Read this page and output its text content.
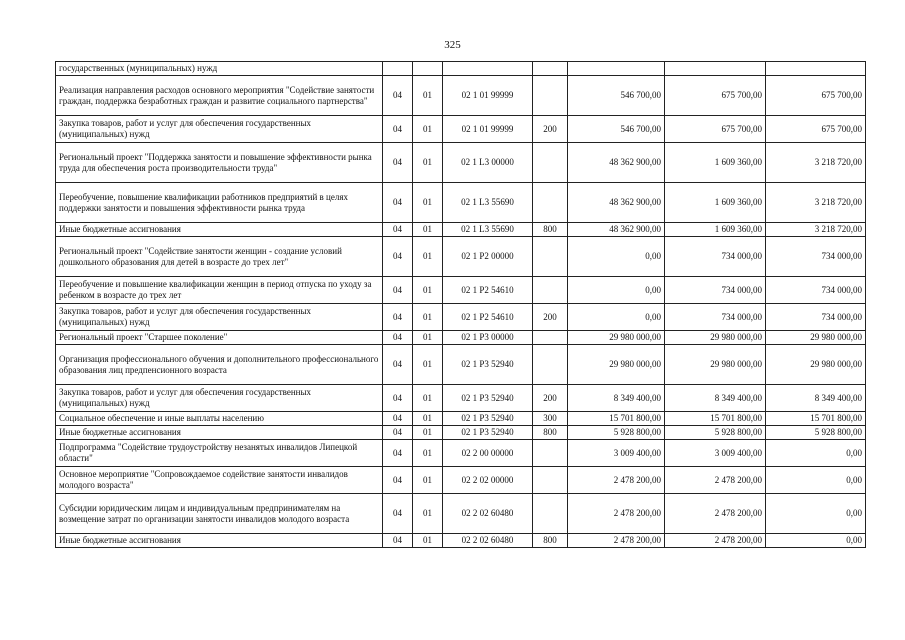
325
государственных (муниципальных) нужд							
Реализация направления расходов основного мероприятия "Содействие занятости граждан, поддержка безработных граждан и развитие социального партнерства"	04	01	02 1 01 99999		546 700,00	675 700,00	675 700,00
Закупка товаров, работ и услуг для обеспечения государственных (муниципальных) нужд	04	01	02 1 01 99999	200	546 700,00	675 700,00	675 700,00
Региональный проект "Поддержка занятости и повышение эффективности рынка труда для обеспечения роста производительности труда"	04	01	02 1 L3 00000		48 362 900,00	1 609 360,00	3 218 720,00
Переобучение, повышение квалификации работников предприятий в целях поддержки занятости и повышения эффективности рынка труда	04	01	02 1 L3 55690		48 362 900,00	1 609 360,00	3 218 720,00
Иные бюджетные ассигнования	04	01	02 1 L3 55690	800	48 362 900,00	1 609 360,00	3 218 720,00
Региональный проект "Содействие занятости женщин - создание условий дошкольного образования для детей в возрасте до трех лет"	04	01	02 1 P2 00000		0,00	734 000,00	734 000,00
Переобучение и повышение квалификации женщин в период отпуска по уходу за ребенком в возрасте до трех лет	04	01	02 1 P2 54610		0,00	734 000,00	734 000,00
Закупка товаров, работ и услуг для обеспечения государственных (муниципальных) нужд	04	01	02 1 P2 54610	200	0,00	734 000,00	734 000,00
Региональный проект "Старшее поколение"	04	01	02 1 P3 00000		29 980 000,00	29 980 000,00	29 980 000,00
Организация профессионального обучения и дополнительного профессионального образования лиц предпенсионного возраста	04	01	02 1 P3 52940		29 980 000,00	29 980 000,00	29 980 000,00
Закупка товаров, работ и услуг для обеспечения государственных (муниципальных) нужд	04	01	02 1 P3 52940	200	8 349 400,00	8 349 400,00	8 349 400,00
Социальное обеспечение и иные выплаты населению	04	01	02 1 P3 52940	300	15 701 800,00	15 701 800,00	15 701 800,00
Иные бюджетные ассигнования	04	01	02 1 P3 52940	800	5 928 800,00	5 928 800,00	5 928 800,00
Подпрограмма "Содействие трудоустройству незанятых инвалидов Липецкой области"	04	01	02 2 00 00000		3 009 400,00	3 009 400,00	0,00
Основное мероприятие "Сопровождаемое содействие занятости инвалидов молодого возраста"	04	01	02 2 02 00000		2 478 200,00	2 478 200,00	0,00
Субсидии юридическим лицам и индивидуальным предпринимателям на возмещение затрат по организации занятости инвалидов молодого возраста	04	01	02 2 02 60480		2 478 200,00	2 478 200,00	0,00
Иные бюджетные ассигнования	04	01	02 2 02 60480	800	2 478 200,00	2 478 200,00	0,00
